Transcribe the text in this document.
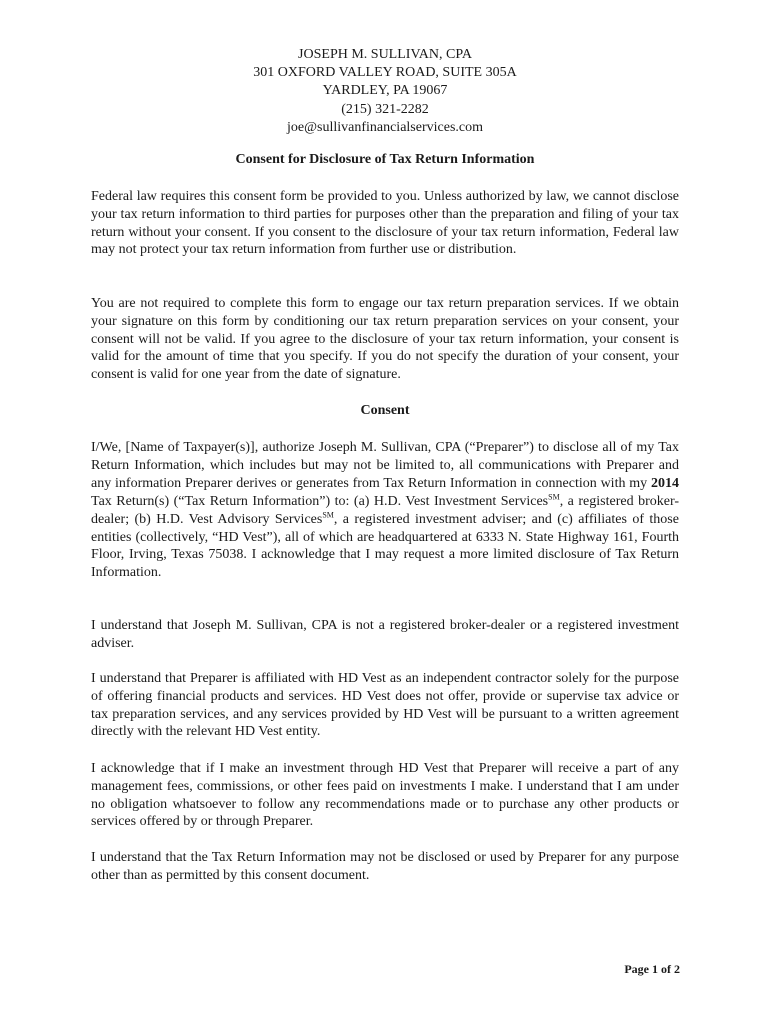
JOSEPH M. SULLIVAN, CPA
301 OXFORD VALLEY ROAD, SUITE 305A
YARDLEY, PA 19067
(215) 321-2282
joe@sullivanfinancialservices.com
Consent for Disclosure of Tax Return Information

Federal law requires this consent form be provided to you. Unless authorized by law, we cannot disclose your tax return information to third parties for purposes other than the preparation and filing of your tax return without your consent. If you consent to the disclosure of your tax return information, Federal law may not protect your tax return information from further use or distribution.

You are not required to complete this form to engage our tax return preparation services. If we obtain your signature on this form by conditioning our tax return preparation services on your consent, your consent will not be valid. If you agree to the disclosure of your tax return information, your consent is valid for the amount of time that you specify. If you do not specify the duration of your consent, your consent is valid for one year from the date of signature.

Consent

I/We, [Name of Taxpayer(s)], authorize Joseph M. Sullivan, CPA (“Preparer”) to disclose all of my Tax Return Information, which includes but may not be limited to, all communications with Preparer and any information Preparer derives or generates from Tax Return Information in connection with my 2014 Tax Return(s) (“Tax Return Information”) to: (a) H.D. Vest Investment Services℠, a registered broker-dealer; (b) H.D. Vest Advisory Services℠, a registered investment adviser; and (c) affiliates of those entities (collectively, “HD Vest”), all of which are headquartered at 6333 N. State Highway 161, Fourth Floor, Irving, Texas 75038. I acknowledge that I may request a more limited disclosure of Tax Return Information.

I understand that Joseph M. Sullivan, CPA is not a registered broker-dealer or a registered investment adviser.

I understand that Preparer is affiliated with HD Vest as an independent contractor solely for the purpose of offering financial products and services. HD Vest does not offer, provide or supervise tax advice or tax preparation services, and any services provided by HD Vest will be pursuant to a written agreement directly with the relevant HD Vest entity.

I acknowledge that if I make an investment through HD Vest that Preparer will receive a part of any management fees, commissions, or other fees paid on investments I make. I understand that I am under no obligation whatsoever to follow any recommendations made or to purchase any other products or services offered by or through Preparer.

I understand that the Tax Return Information may not be disclosed or used by Preparer for any purpose other than as permitted by this consent document.

Page 1 of 2
